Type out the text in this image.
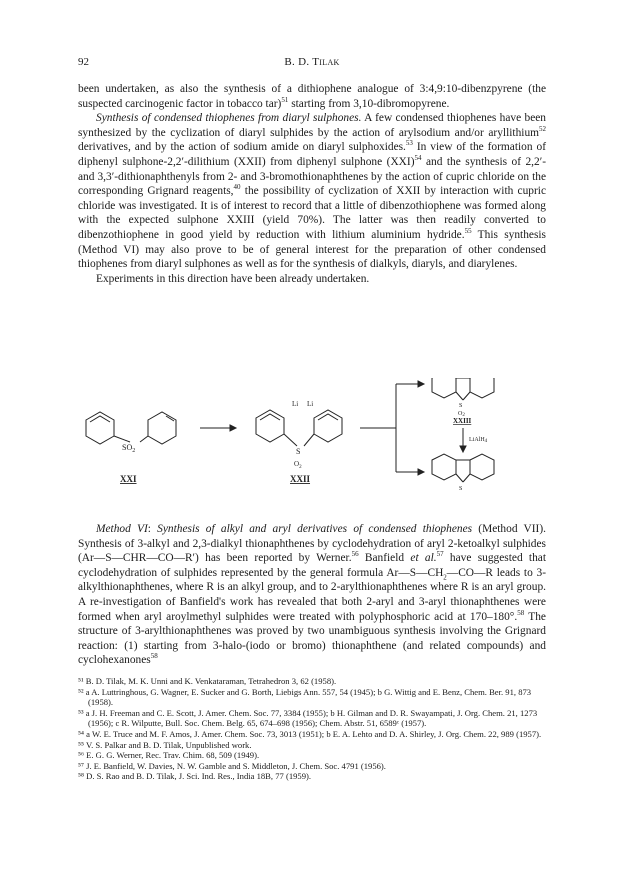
92	B. D. Tilak

been undertaken, as also the synthesis of a dithiophene analogue of 3:4,9:10-dibenzpyrene (the suspected carcinogenic factor in tobacco tar)$^{51}$ starting from 3,10-dibromopyrene.

Synthesis of condensed thiophenes from diaryl sulphones. A few condensed thiophenes have been synthesized by the cyclization of diaryl sulphides by the action of arylsodium and/or aryllithium$^{52}$ derivatives, and by the action of sodium amide on diaryl sulphoxides.$^{53}$ In view of the formation of diphenyl sulphone-2,2′-dilithium (XXII) from diphenyl sulphone (XXI)$^{54}$ and the synthesis of 2,2′- and 3,3′-dithionaphthenyls from 2- and 3-bromothionaphthenes by the action of cupric chloride on the corresponding Grignard reagents,$^{40}$ the possibility of cyclization of XXII by interaction with cupric chloride was investigated. It is of interest to record that a little of dibenzothiophene was formed along with the expected sulphone XXIII (yield 70%). The latter was then readily converted to dibenzothiophene in good yield by reduction with lithium aluminium hydride.$^{55}$ This synthesis (Method VI) may also prove to be of general interest for the preparation of other condensed thiophenes from diaryl sulphones as well as for the synthesis of dialkyls, diaryls, and diarylenes.

Experiments in this direction have been already undertaken.

$SO_2$
XXI
Li Li
S
$O_2$
XXII
S
O2
XXIII
LiAlH4
S

Method VI: Synthesis of alkyl and aryl derivatives of condensed thiophenes (Method VII). Synthesis of 3-alkyl and 2,3-dialkyl thionaphthenes by cyclodehydration of aryl 2-ketoalkyl sulphides (Ar—S—CHR—CO—R′) has been reported by Werner.$^{56}$ Banfield et al.$^{57}$ have suggested that cyclodehydration of sulphides represented by the general formula $Ar—S—CH_2—CO—R$ leads to 3-alkylthionaphthenes, where R is an alkyl group, and to 2-arylthionaphthenes where R is an aryl group. A re-investigation of Banfield's work has revealed that both 2-aryl and 3-aryl thionaphthenes were formed when aryl aroylmethyl sulphides were treated with polyphosphoric acid at 170–180°.$^{58}$ The structure of 3-arylthionaphthenes was proved by two unambiguous synthesis involving the Grignard reaction: (1) starting from 3-halo-(iodo or bromo) thionaphthene (and related compounds) and cyclohexanones$^{58}$

⁵¹ B. D. Tilak, M. K. Unni and K. Venkataraman, Tetrahedron 3, 62 (1958).

⁵² a A. Luttringhous, G. Wagner, E. Sucker and G. Borth, Liebigs Ann. 557, 54 (1945); b G. Wittig and E. Benz, Chem. Ber. 91, 873 (1958).

⁵³ a J. H. Freeman and C. E. Scott, J. Amer. Chem. Soc. 77, 3384 (1955); b H. Gilman and D. R. Swayampati, J. Org. Chem. 21, 1273 (1956); c R. Wilputte, Bull. Soc. Chem. Belg. 65, 674–698 (1956); Chem. Abstr. 51, 6589ᶜ (1957).

⁵⁴ a W. E. Truce and M. F. Amos, J. Amer. Chem. Soc. 73, 3013 (1951); b E. A. Lehto and D. A. Shirley, J. Org. Chem. 22, 989 (1957).

⁵⁵ V. S. Palkar and B. D. Tilak, Unpublished work.

⁵⁶ E. G. G. Werner, Rec. Trav. Chim. 68, 509 (1949).

⁵⁷ J. E. Banfield, W. Davies, N. W. Gamble and S. Middleton, J. Chem. Soc. 4791 (1956).

⁵⁸ D. S. Rao and B. D. Tilak, J. Sci. Ind. Res., India 18B, 77 (1959).
